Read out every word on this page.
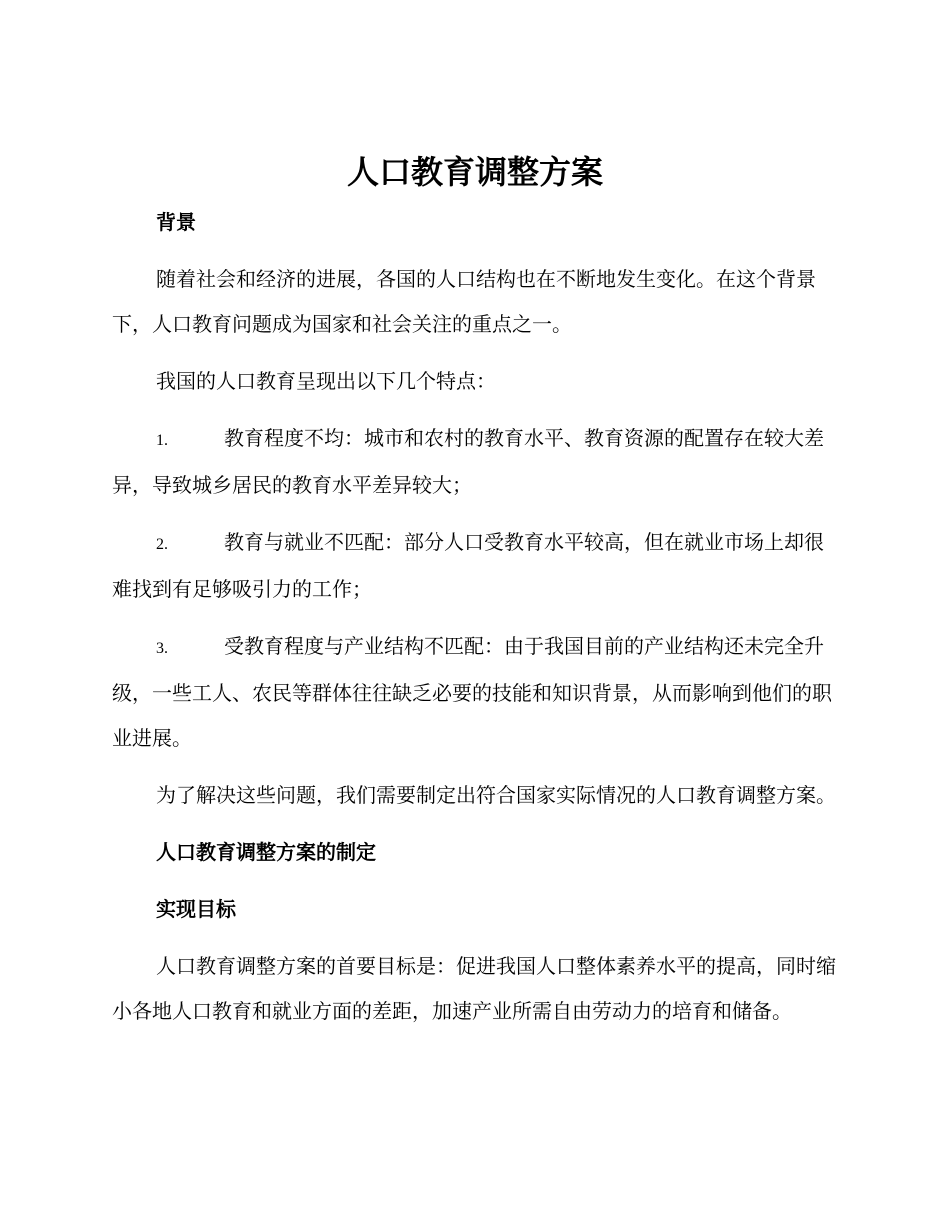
人口教育调整方案

背景

随着社会和经济的进展，各国的人口结构也在不断地发生变化。在这个背景下，人口教育问题成为国家和社会关注的重点之一。

我国的人口教育呈现出以下几个特点：

1.	教育程度不均：城市和农村的教育水平、教育资源的配置存在较大差异，导致城乡居民的教育水平差异较大；

2.	教育与就业不匹配：部分人口受教育水平较高，但在就业市场上却很难找到有足够吸引力的工作；

3.	受教育程度与产业结构不匹配：由于我国目前的产业结构还未完全升级，一些工人、农民等群体往往缺乏必要的技能和知识背景，从而影响到他们的职业进展。

为了解决这些问题，我们需要制定出符合国家实际情况的人口教育调整方案。

人口教育调整方案的制定

实现目标

人口教育调整方案的首要目标是：促进我国人口整体素养水平的提高，同时缩小各地人口教育和就业方面的差距，加速产业所需自由劳动力的培育和储备。
